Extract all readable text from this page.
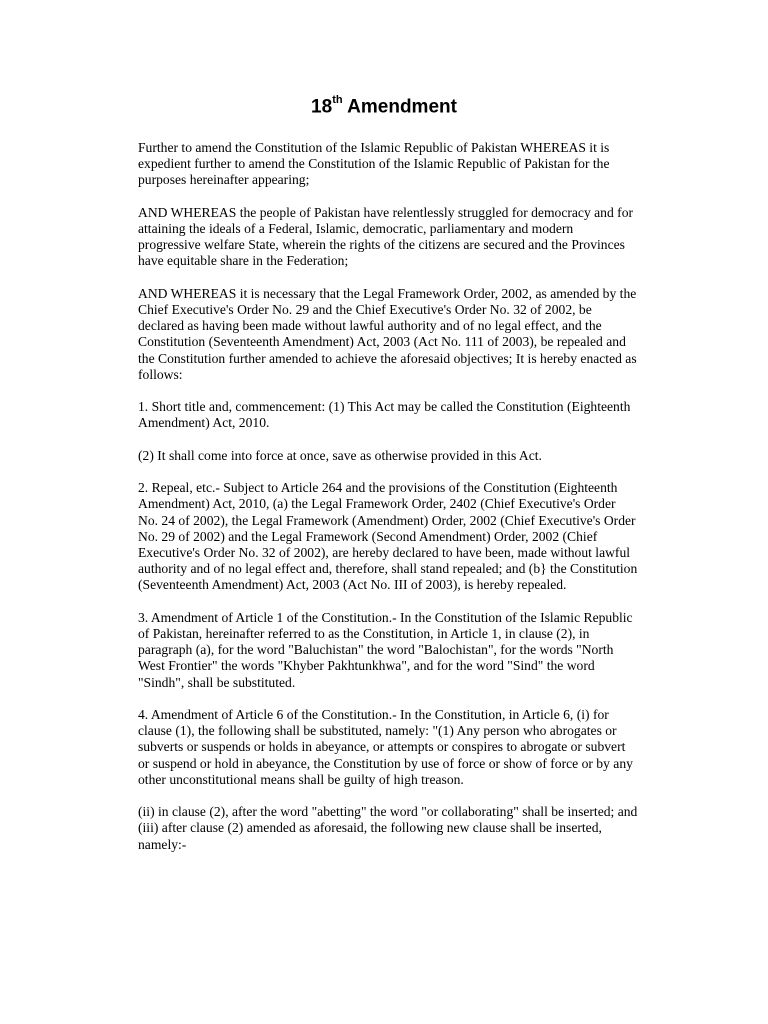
18th Amendment

Further to amend the Constitution of the Islamic Republic of Pakistan WHEREAS it is expedient further to amend the Constitution of the Islamic Republic of Pakistan for the purposes hereinafter appearing;

AND WHEREAS the people of Pakistan have relentlessly struggled for democracy and for attaining the ideals of a Federal, Islamic, democratic, parliamentary and modern progressive welfare State, wherein the rights of the citizens are secured and the Provinces have equitable share in the Federation;

AND WHEREAS it is necessary that the Legal Framework Order, 2002, as amended by the Chief Executive's Order No. 29 and the Chief Executive's Order No. 32 of 2002, be declared as having been made without lawful authority and of no legal effect, and the Constitution (Seventeenth Amendment) Act, 2003 (Act No. 111 of 2003), be repealed and the Constitution further amended to achieve the aforesaid objectives; It is hereby enacted as follows:

1. Short title and, commencement: (1) This Act may be called the Constitution (Eighteenth Amendment) Act, 2010.

(2) It shall come into force at once, save as otherwise provided in this Act.

2. Repeal, etc.- Subject to Article 264 and the provisions of the Constitution (Eighteenth Amendment) Act, 2010, (a) the Legal Framework Order, 2402 (Chief Executive's Order No. 24 of 2002), the Legal Framework (Amendment) Order, 2002 (Chief Executive's Order No. 29 of 2002) and the Legal Framework (Second Amendment) Order, 2002 (Chief Executive's Order No. 32 of 2002), are hereby declared to have been, made without lawful authority and of no legal effect and, therefore, shall stand repealed; and (b} the Constitution (Seventeenth Amendment) Act, 2003 (Act No. III of 2003), is hereby repealed.

3. Amendment of Article 1 of the Constitution.- In the Constitution of the Islamic Republic of Pakistan, hereinafter referred to as the Constitution, in Article 1, in clause (2), in paragraph (a), for the word "Baluchistan" the word "Balochistan", for the words "North West Frontier" the words "Khyber Pakhtunkhwa", and for the word "Sind" the word "Sindh", shall be substituted.

4. Amendment of Article 6 of the Constitution.- In the Constitution, in Article 6, (i) for clause (1), the following shall be substituted, namely: "(1) Any person who abrogates or subverts or suspends or holds in abeyance, or attempts or conspires to abrogate or subvert or suspend or hold in abeyance, the Constitution by use of force or show of force or by any other unconstitutional means shall be guilty of high treason.

(ii) in clause (2), after the word "abetting" the word "or collaborating" shall be inserted; and (iii) after clause (2) amended as aforesaid, the following new clause shall be inserted, namely:-
